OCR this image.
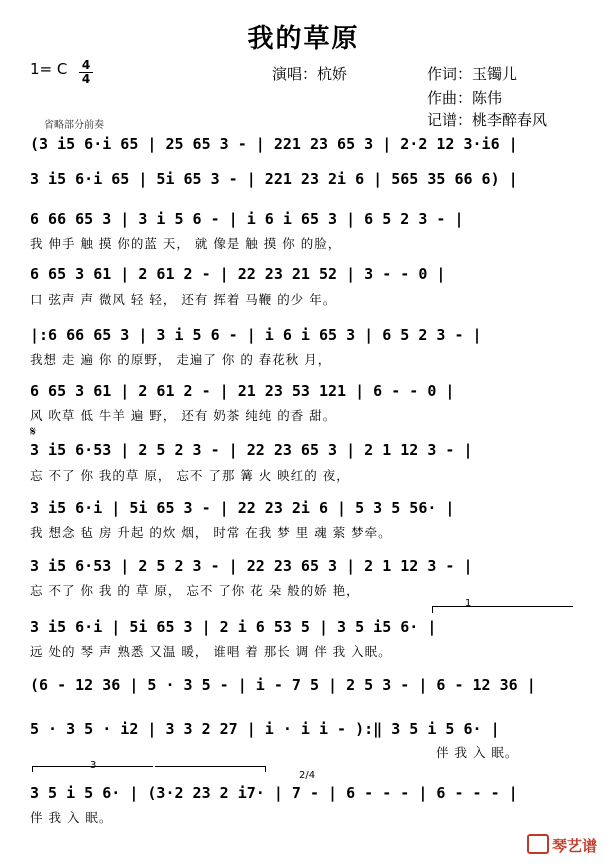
我的草原
1= C 4
4	演唱：杭娇	作词：玉镯儿
作曲：陈伟
记谱：桃李醉春风
省略部分前奏
(3 i5 6·i 65 | 25 65 3 - | 221 23 65 3 | 2·2 12 3·i6 |
3 i5 6·i 65 | 5i 65 3 - | 221 23 2i 6 | 565 35 66 6) |
6 66 65 3 | 3 i 5 6 - | i 6 i 65 3 | 6 5 2 3 - |
我 伸手 触 摸 你的蓝 天， 就 像是 触 摸 你 的脸，
6 65 3 61 | 2 61 2 - | 22 23 21 52 | 3 - - 0 |
口 弦声 声 微风 轻 轻， 还有 挥着 马鞭 的少 年。
|:6 66 65 3 | 3 i 5 6 - | i 6 i 65 3 | 6 5 2 3 - |
我想 走 遍 你 的原野， 走遍了 你 的 春花秋 月，
6 65 3 61 | 2 61 2 - | 21 23 53 121 | 6 - - 0 |
风 吹草 低 牛羊 遍 野， 还有 奶茶 纯纯 的香 甜。
𝄋
3 i5 6·53 | 2 5 2 3 - | 22 23 65 3 | 2 1 12 3 - |
忘 不了 你 我的草 原， 忘不 了那 篝 火 映红的 夜，
3 i5 6·i | 5i 65 3 - | 22 23 2i 6 | 5 3 5 56· |
我 想念 毡 房 升起 的炊 烟， 时常 在我 梦 里 魂 萦 梦牵。
3 i5 6·53 | 2 5 2 3 - | 22 23 65 3 | 2 1 12 3 - |
忘 不了 你 我 的 草 原， 忘不 了你 花 朵 般的娇 艳，
1
3 i5 6·i | 5i 65 3 | 2 i 6 53 5 | 3 5 i5 6· |
远 处的 琴 声 熟悉 又温 暖， 谁唱 着 那长 调 伴 我 入眠。
(6 - 12 36 | 5 · 3 5 - | i - 7 5 | 2 5 3 - | 6 - 12 36 |
5 · 3 5 · i2 | 3 3 2 27 | i · i i - ):‖ 3 5 i 5 6· |
伴 我 入 眠。
3
2/4
3 5 i 5 6· | (3·2 23 2 i7· | 7 - | 6 - - - | 6 - - - |
伴 我 入 眠。

琴艺谱
